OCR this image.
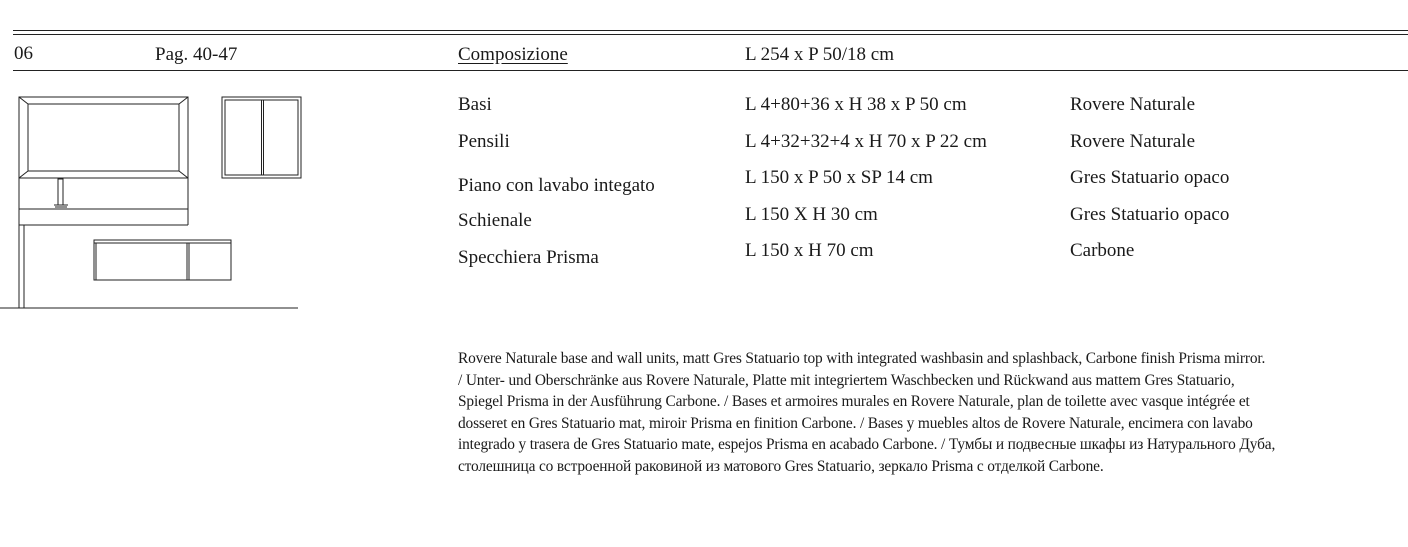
06	Pag. 40-47	Composizione	L 254 x P 50/18 cm
Basi	L 4+80+36 x H 38 x P 50 cm	Rovere Naturale
Pensili	L 4+32+32+4 x H 70 x P 22 cm	Rovere Naturale
Piano con lavabo integato	L 150 x P 50 x SP 14 cm	Gres Statuario opaco
Schienale	L 150 X H 30 cm	Gres Statuario opaco
Specchiera Prisma	L 150 x H 70 cm	Carbone
Rovere Naturale base and wall units, matt Gres Statuario top with integrated washbasin and splashback, Carbone finish Prisma mirror.
/ Unter- und Oberschränke aus Rovere Naturale, Platte mit integriertem Waschbecken und Rückwand aus mattem Gres Statuario,
Spiegel Prisma in der Ausführung Carbone. / Bases et armoires murales en Rovere Naturale, plan de toilette avec vasque intégrée et
dosseret en Gres Statuario mat, miroir Prisma en finition Carbone. / Bases y muebles altos de Rovere Naturale, encimera con lavabo
integrado y trasera de Gres Statuario mate, espejos Prisma en acabado Carbone. / Тумбы и подвесные шкафы из Натурального Дуба,
столешница со встроенной раковиной из матового Gres Statuario, зеркало Prisma с отделкой Carbone.
